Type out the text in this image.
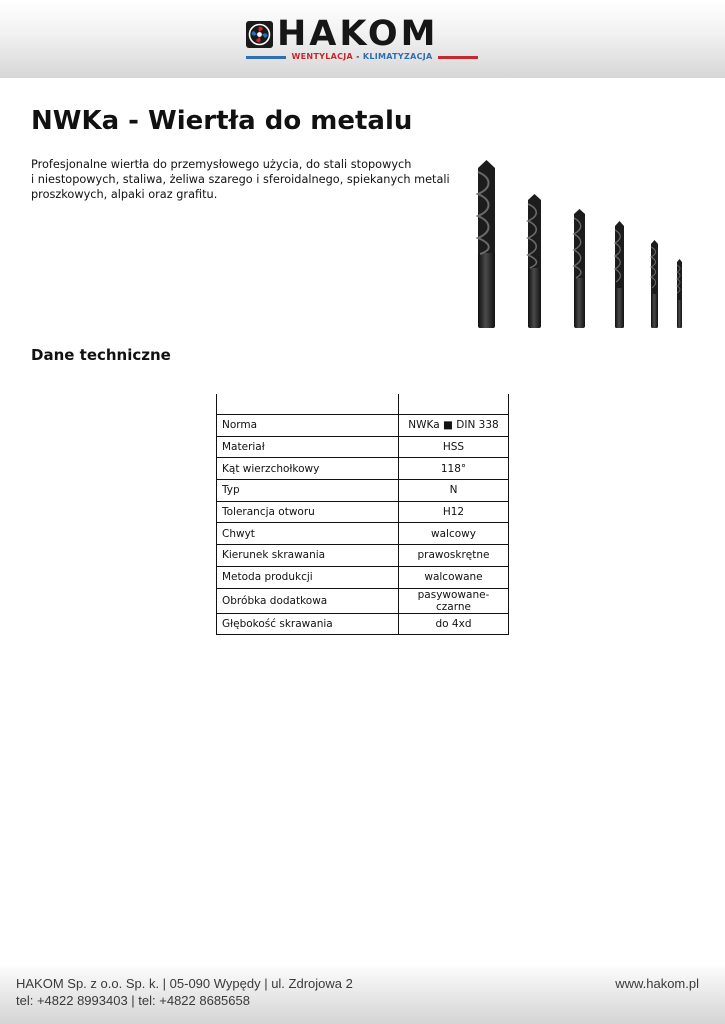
HAKOM
WENTYLACJA - KLIMATYZACJA
NWKa - Wiertła do metalu
Profesjonalne wiertła do przemysłowego użycia, do stali stopowych
i niestopowych, staliwa, żeliwa szarego i sferoidalnego, spiekanych metali
proszkowych, alpaki oraz grafitu.
Dane techniczne

Norma	NWKa ■ DIN 338
Materiał	HSS
Kąt wierzchołkowy	118°
Typ	N
Tolerancja otworu	H12
Chwyt	walcowy
Kierunek skrawania	prawoskrętne
Metoda produkcji	walcowane
Obróbka dodatkowa	pasywowane-czarne
Głębokość skrawania	do 4xd
HAKOM Sp. z o.o. Sp. k. | 05-090 Wypędy | ul. Zdrojowa 2
tel: +4822 8993403 | tel: +4822 8685658
www.hakom.pl
